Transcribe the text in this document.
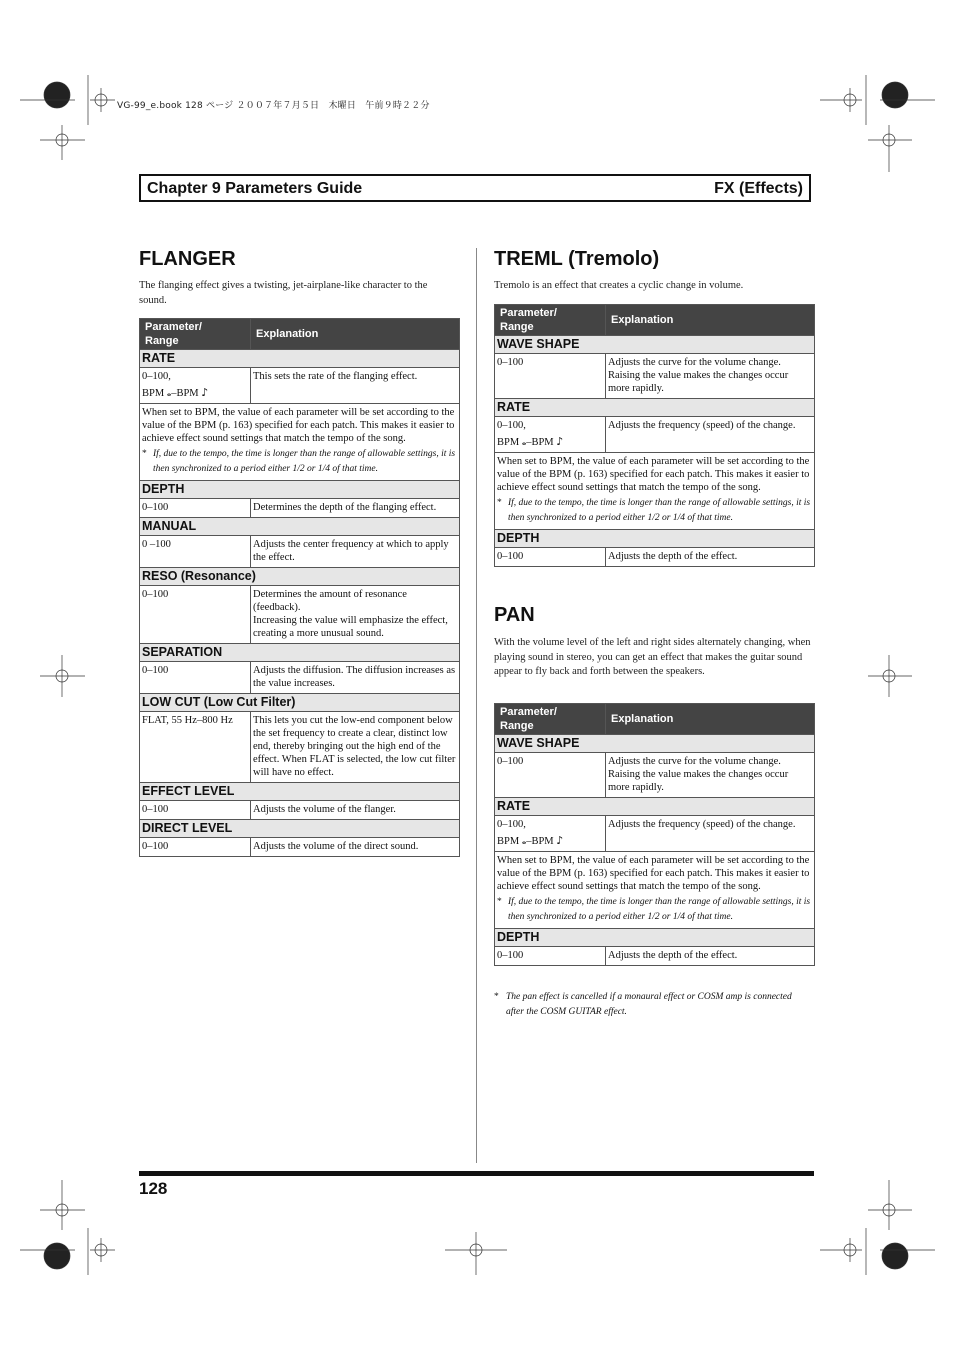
VG-99_e.book 128 ページ ２００７年７月５日　木曜日　午前９時２２分
Chapter 9 Parameters Guide	FX (Effects)
FLANGER
The flanging effect gives a twisting, jet-airplane-like character to the sound.
Parameter/
Range	Explanation
RATE	

0–100,
BPM 𝅝–BPM ♪	This sets the rate of the flanging effect.

When set to BPM, the value of each parameter will be set according to the value of the BPM (p. 163) specified for each patch. This makes it easier to achieve effect sound settings that match the tempo of the song.
* If, due to the tempo, the time is longer than the range of allowable settings, it is then synchronized to a period either 1/2 or 1/4 of that time.	

DEPTH	
0–100	Determines the depth of the flanging effect.
MANUAL	
0 –100	Adjusts the center frequency at which to apply the effect.
RESO (Resonance)	
0–100	Determines the amount of resonance (feedback).
Increasing the value will emphasize the effect, creating a more unusual sound.
SEPARATION	
0–100	Adjusts the diffusion. The diffusion increases as the value increases.
LOW CUT (Low Cut Filter)	
FLAT, 55 Hz–800 Hz	This lets you cut the low-end component below the set frequency to create a clear, distinct low end, thereby bringing out the high end of the effect. When FLAT is selected, the low cut filter will have no effect.
EFFECT LEVEL	
0–100	Adjusts the volume of the flanger.
DIRECT LEVEL	
0–100	Adjusts the volume of the direct sound.
TREML (Tremolo)
Tremolo is an effect that creates a cyclic change in volume.
Parameter/
Range	Explanation
WAVE SHAPE	
0–100	Adjusts the curve for the volume change. Raising the value makes the changes occur more rapidly.
RATE	

0–100,
BPM 𝅝–BPM ♪	Adjusts the frequency (speed) of the change.

When set to BPM, the value of each parameter will be set according to the value of the BPM (p. 163) specified for each patch. This makes it easier to achieve effect sound settings that match the tempo of the song.
* If, due to the tempo, the time is longer than the range of allowable settings, it is then synchronized to a period either 1/2 or 1/4 of that time.	

DEPTH	
0–100	Adjusts the depth of the effect.
PAN
With the volume level of the left and right sides alternately changing, when playing sound in stereo, you can get an effect that makes the guitar sound appear to fly back and forth between the speakers.
Parameter/
Range	Explanation
WAVE SHAPE	
0–100	Adjusts the curve for the volume change. Raising the value makes the changes occur more rapidly.
RATE	

0–100,
BPM 𝅝–BPM ♪	Adjusts the frequency (speed) of the change.

When set to BPM, the value of each parameter will be set according to the value of the BPM (p. 163) specified for each patch. This makes it easier to achieve effect sound settings that match the tempo of the song.
* If, due to the tempo, the time is longer than the range of allowable settings, it is then synchronized to a period either 1/2 or 1/4 of that time.	

DEPTH	
0–100	Adjusts the depth of the effect.
* The pan effect is cancelled if a monaural effect or COSM amp is connected after the COSM GUITAR effect.
128
